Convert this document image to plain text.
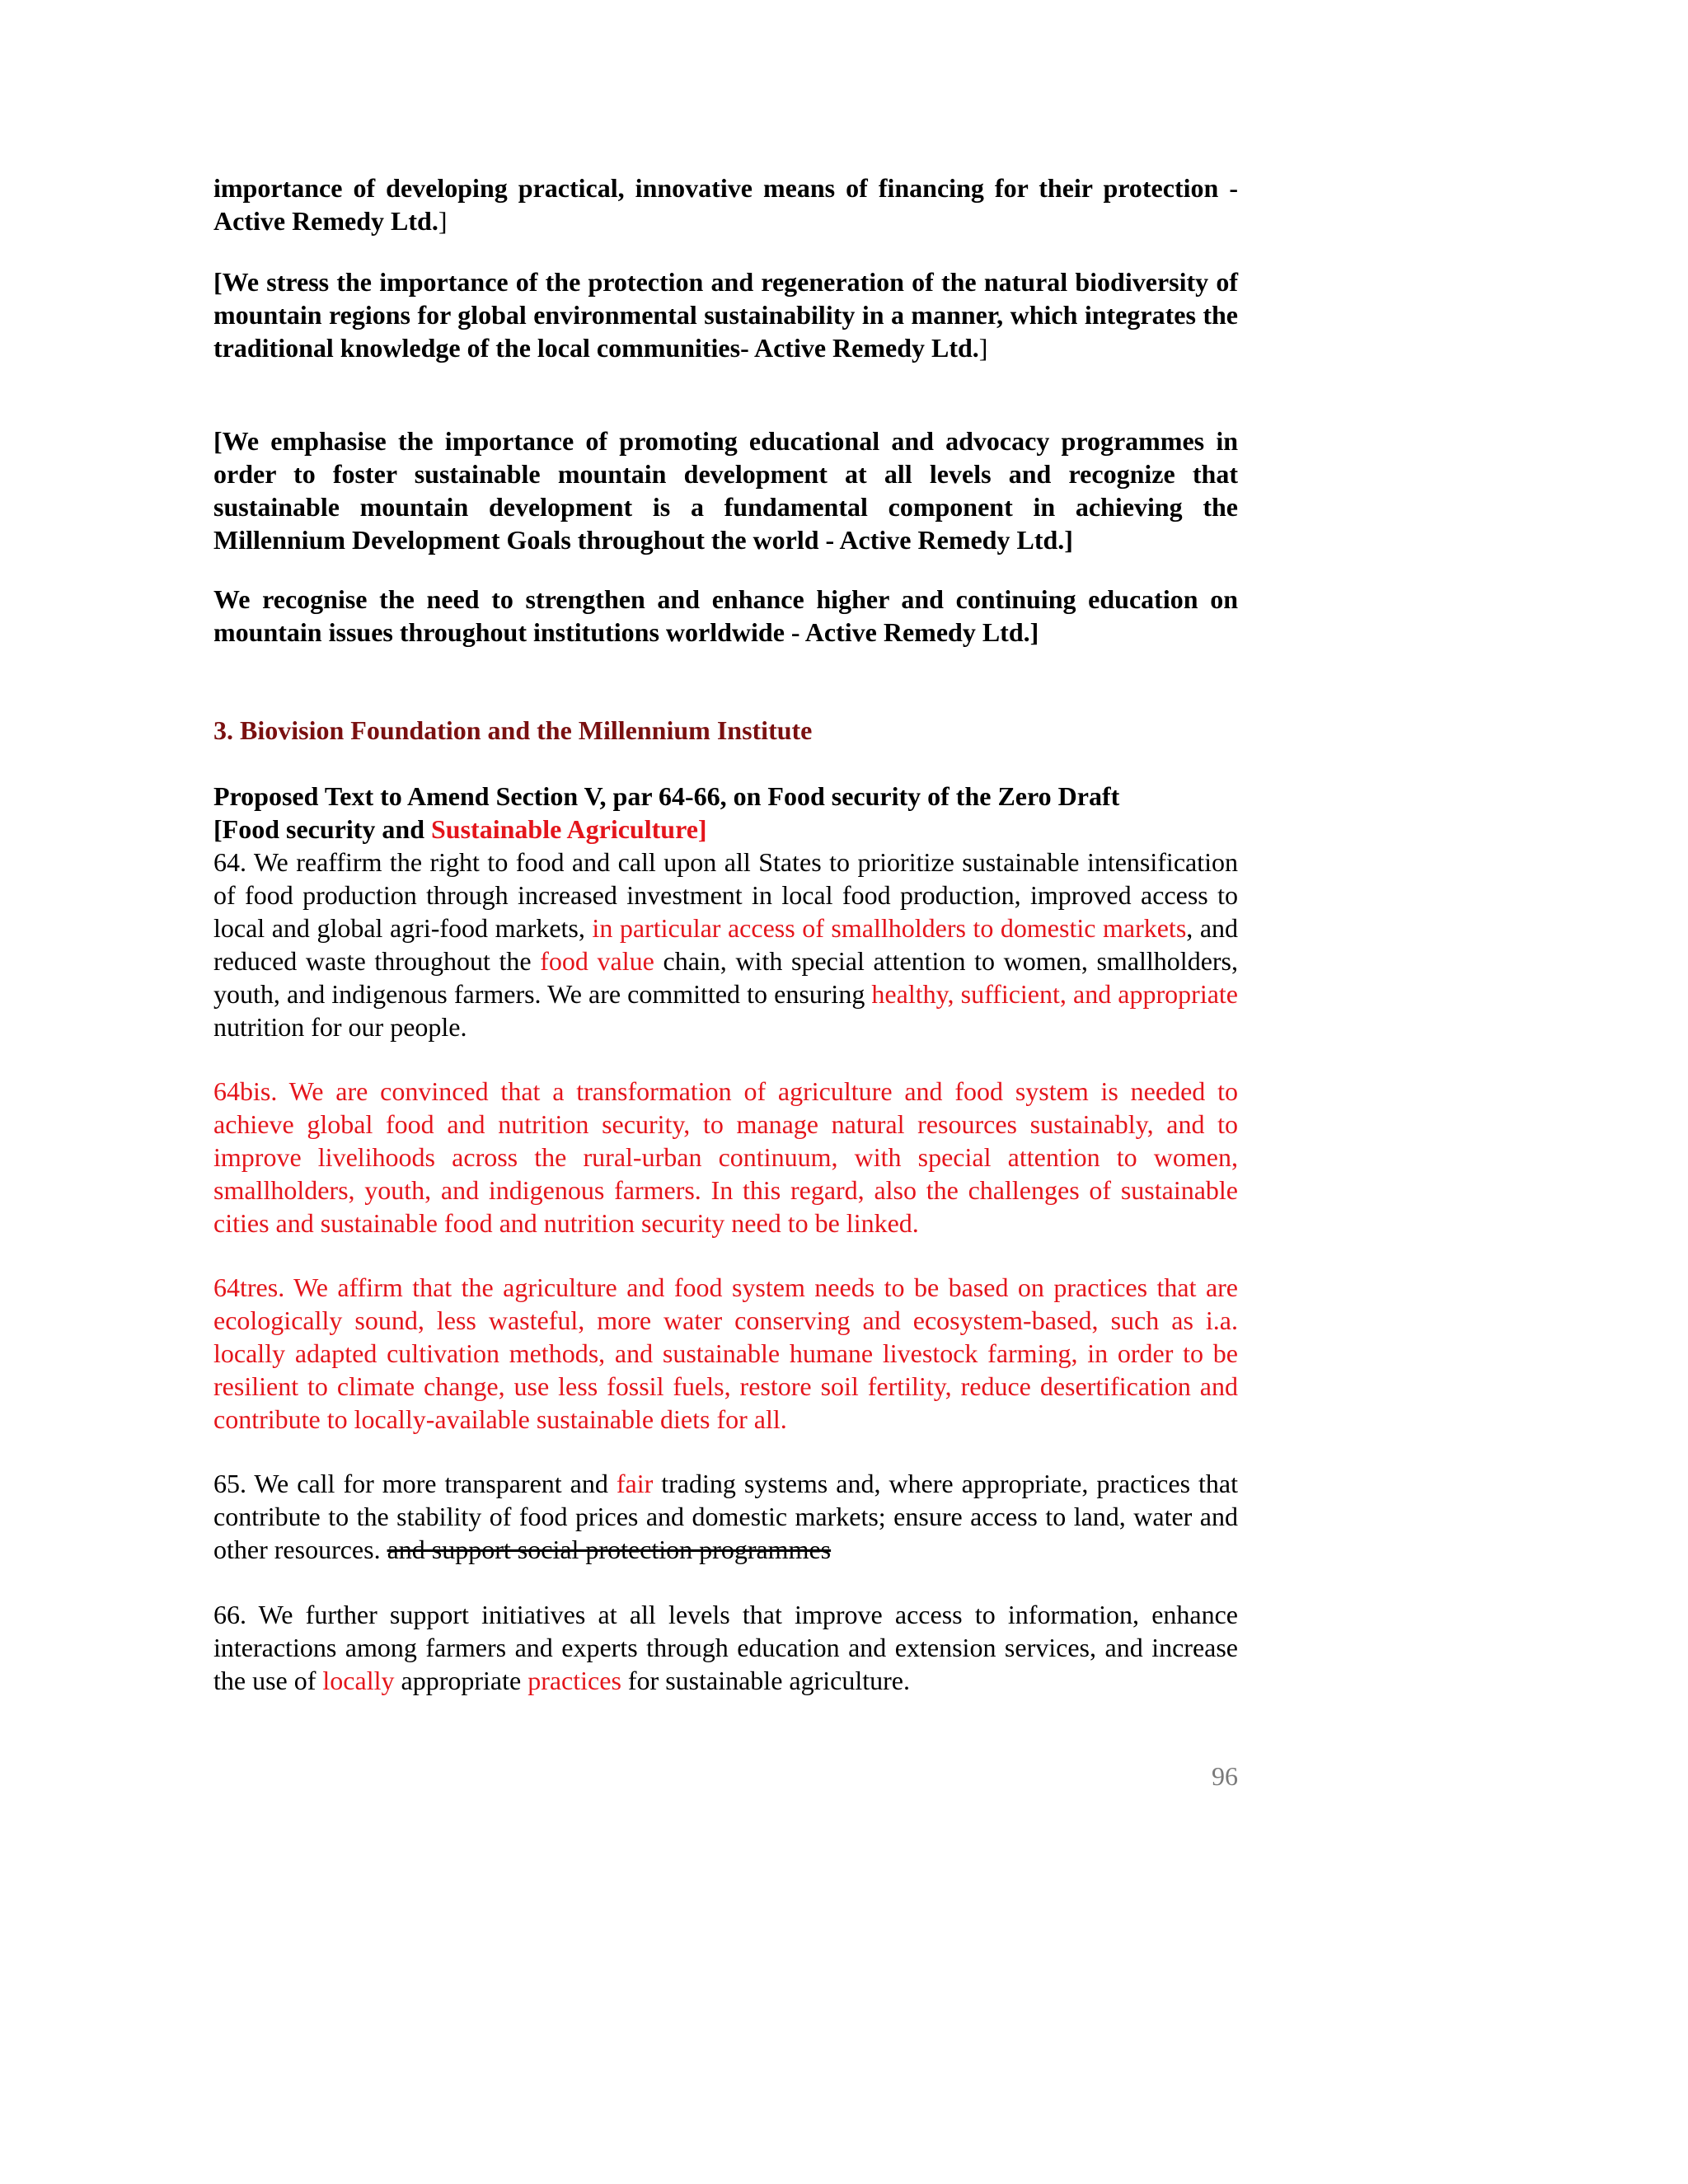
importance of developing practical, innovative means of financing for their protection - Active Remedy Ltd.]

[We stress the importance of the protection and regeneration of the natural biodiversity of mountain regions for global environmental sustainability in a manner, which integrates the traditional knowledge of the local communities- Active Remedy Ltd.]

[We emphasise the importance of promoting educational and advocacy programmes in order to foster sustainable mountain development at all levels and recognize that sustainable mountain development is a fundamental component in achieving the Millennium Development Goals throughout the world - Active Remedy Ltd.]

We recognise the need to strengthen and enhance higher and continuing education on mountain issues throughout institutions worldwide - Active Remedy Ltd.]

3. Biovision Foundation and the Millennium Institute

Proposed Text to Amend Section V, par 64-66, on Food security of the Zero Draft

[Food security and Sustainable Agriculture]

64. We reaffirm the right to food and call upon all States to prioritize sustainable intensification of food production through increased investment in local food production, improved access to local and global agri-food markets, in particular access of smallholders to domestic markets, and reduced waste throughout the food value chain, with special attention to women, smallholders, youth, and indigenous farmers. We are committed to ensuring healthy, sufficient, and appropriate nutrition for our people.

64bis. We are convinced that a transformation of agriculture and food system is needed to achieve global food and nutrition security, to manage natural resources sustainably, and to improve livelihoods across the rural-urban continuum, with special attention to women, smallholders, youth, and indigenous farmers. In this regard, also the challenges of sustainable cities and sustainable food and nutrition security need to be linked.

64tres. We affirm that the agriculture and food system needs to be based on practices that are ecologically sound, less wasteful, more water conserving and ecosystem-based, such as i.a. locally adapted cultivation methods, and sustainable humane livestock farming, in order to be resilient to climate change, use less fossil fuels, restore soil fertility, reduce desertification and contribute to locally-available sustainable diets for all.

65. We call for more transparent and fair trading systems and, where appropriate, practices that contribute to the stability of food prices and domestic markets; ensure access to land, water and other resources. and support social protection programmes

66. We further support initiatives at all levels that improve access to information, enhance interactions among farmers and experts through education and extension services, and increase the use of locally appropriate practices for sustainable agriculture.

96
